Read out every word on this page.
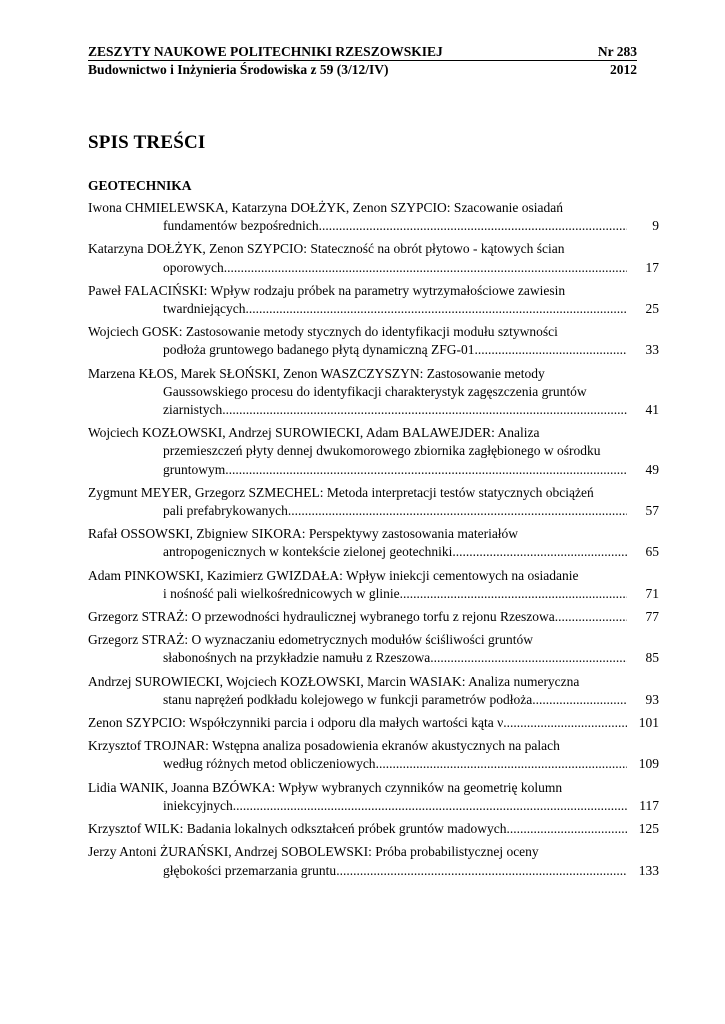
ZESZYTY NAUKOWE POLITECHNIKI RZESZOWSKIEJ	Nr 283
Budownictwo i Inżynieria Środowiska z 59 (3/12/IV)	2012
SPIS TREŚCI
GEOTECHNIKA
Iwona CHMIELEWSKA, Katarzyna DOŁŻYK, Zenon SZYPCIO: Szacowanie osiadań
fundamentów bezpośrednich .....	9
Katarzyna DOŁŻYK, Zenon SZYPCIO: Stateczność na obrót płytowo - kątowych ścian
oporowych .....	17
Paweł FALACIŃSKI: Wpływ rodzaju próbek na parametry wytrzymałościowe zawiesin
twardniejących .....	25
Wojciech GOSK: Zastosowanie metody stycznych do identyfikacji modułu sztywności
podłoża gruntowego badanego płytą dynamiczną ZFG-01 .....	33
Marzena KŁOS, Marek SŁOŃSKI, Zenon WASZCZYSZYN: Zastosowanie metody
Gaussowskiego procesu do identyfikacji charakterystyk zagęszczenia gruntów
ziarnistych .....	41
Wojciech KOZŁOWSKI, Andrzej SUROWIECKI, Adam BALAWEJDER: Analiza
przemieszczeń płyty dennej dwukomorowego zbiornika zagłębionego w ośrodku
gruntowym .....	49
Zygmunt MEYER, Grzegorz SZMECHEL: Metoda interpretacji testów statycznych obciążeń
pali prefabrykowanych .....	57
Rafał OSSOWSKI, Zbigniew SIKORA: Perspektywy zastosowania materiałów
antropogenicznych w kontekście zielonej geotechniki .....	65
Adam PINKOWSKI, Kazimierz GWIZDAŁA: Wpływ iniekcji cementowych na osiadanie
i nośność pali wielkośrednicowych w glinie .....	71
Grzegorz STRAŻ: O przewodności hydraulicznej wybranego torfu z rejonu Rzeszowa .....	77
Grzegorz STRAŻ: O wyznaczaniu edometrycznych modułów ściśliwości gruntów
słabonośnych na przykładzie namułu z Rzeszowa .....	85
Andrzej SUROWIECKI, Wojciech KOZŁOWSKI, Marcin WASIAK: Analiza numeryczna
stanu naprężeń podkładu kolejowego w funkcji parametrów podłoża .....	93
Zenon SZYPCIO: Współczynniki parcia i odporu dla małych wartości kąta ν .....	101
Krzysztof TROJNAR: Wstępna analiza posadowienia ekranów akustycznych na palach
według różnych metod obliczeniowych .....	109
Lidia WANIK, Joanna BZÓWKA: Wpływ wybranych czynników na geometrię kolumn
iniekcyjnych .....	117
Krzysztof WILK: Badania lokalnych odkształceń próbek gruntów madowych .....	125
Jerzy Antoni ŻURAŃSKI, Andrzej SOBOLEWSKI: Próba probabilistycznej oceny
głębokości przemarzania gruntu .....	133
